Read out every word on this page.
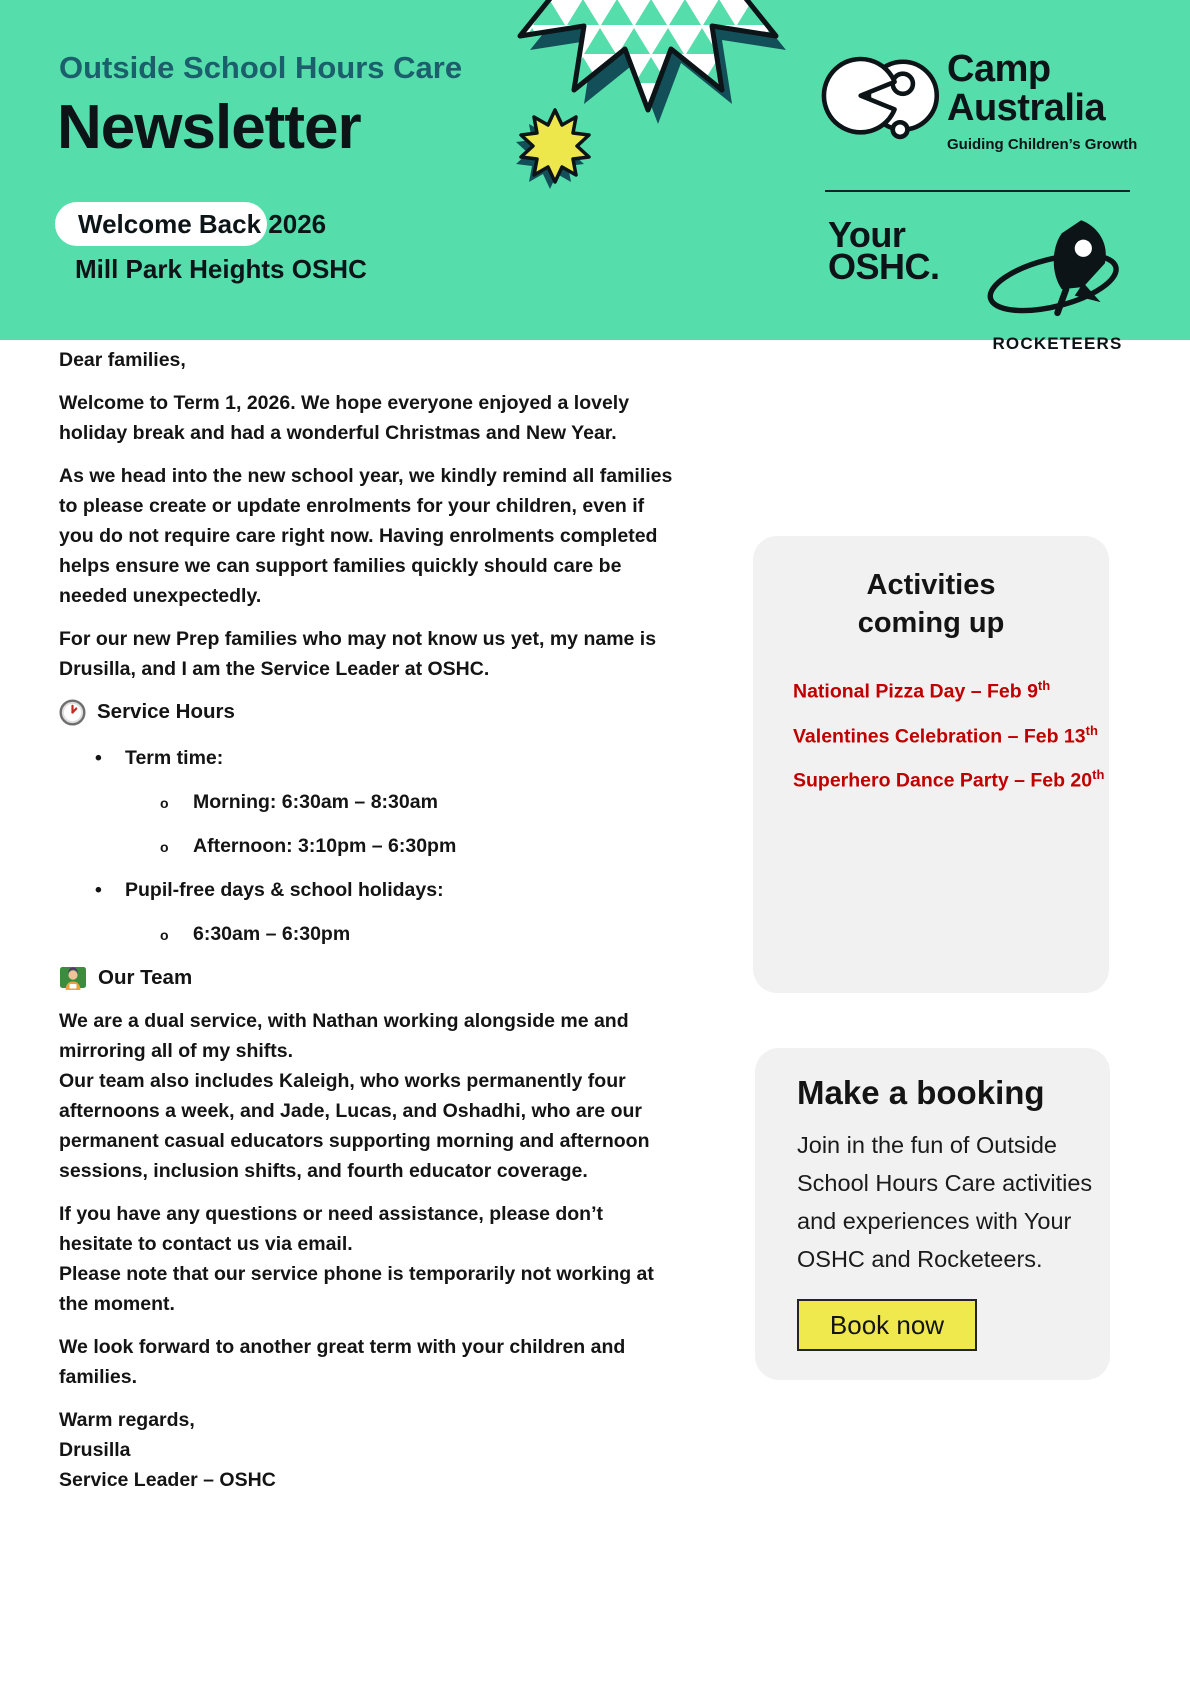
Outside School Hours Care
Newsletter
Welcome Back 2026
Mill Park Heights OSHC
Camp
Australia
Guiding Children’s Growth
Your
OSHC.
ROCKETEERS
Dear families,
Welcome to Term 1, 2026. We hope everyone enjoyed a lovely holiday break and had a wonderful Christmas and New Year.
As we head into the new school year, we kindly remind all families to please create or update enrolments for your children, even if you do not require care right now. Having enrolments completed helps ensure we can support families quickly should care be needed unexpectedly.
For our new Prep families who may not know us yet, my name is Drusilla, and I am the Service Leader at OSHC.
Service Hours
• Term time:
o Morning: 6:30am – 8:30am
o Afternoon: 3:10pm – 6:30pm
• Pupil-free days & school holidays:
o 6:30am – 6:30pm
Our Team
We are a dual service, with Nathan working alongside me and mirroring all of my shifts.
Our team also includes Kaleigh, who works permanently four afternoons a week, and Jade, Lucas, and Oshadhi, who are our permanent casual educators supporting morning and afternoon sessions, inclusion shifts, and fourth educator coverage.
If you have any questions or need assistance, please don’t hesitate to contact us via email.
Please note that our service phone is temporarily not working at the moment.
We look forward to another great term with your children and families.
Warm regards,
Drusilla
Service Leader – OSHC
Activities
coming up
National Pizza Day – Feb 9th
Valentines Celebration – Feb 13th
Superhero Dance Party – Feb 20th
Make a booking
Join in the fun of Outside
School Hours Care activities
and experiences with Your
OSHC and Rocketeers.
Book now
